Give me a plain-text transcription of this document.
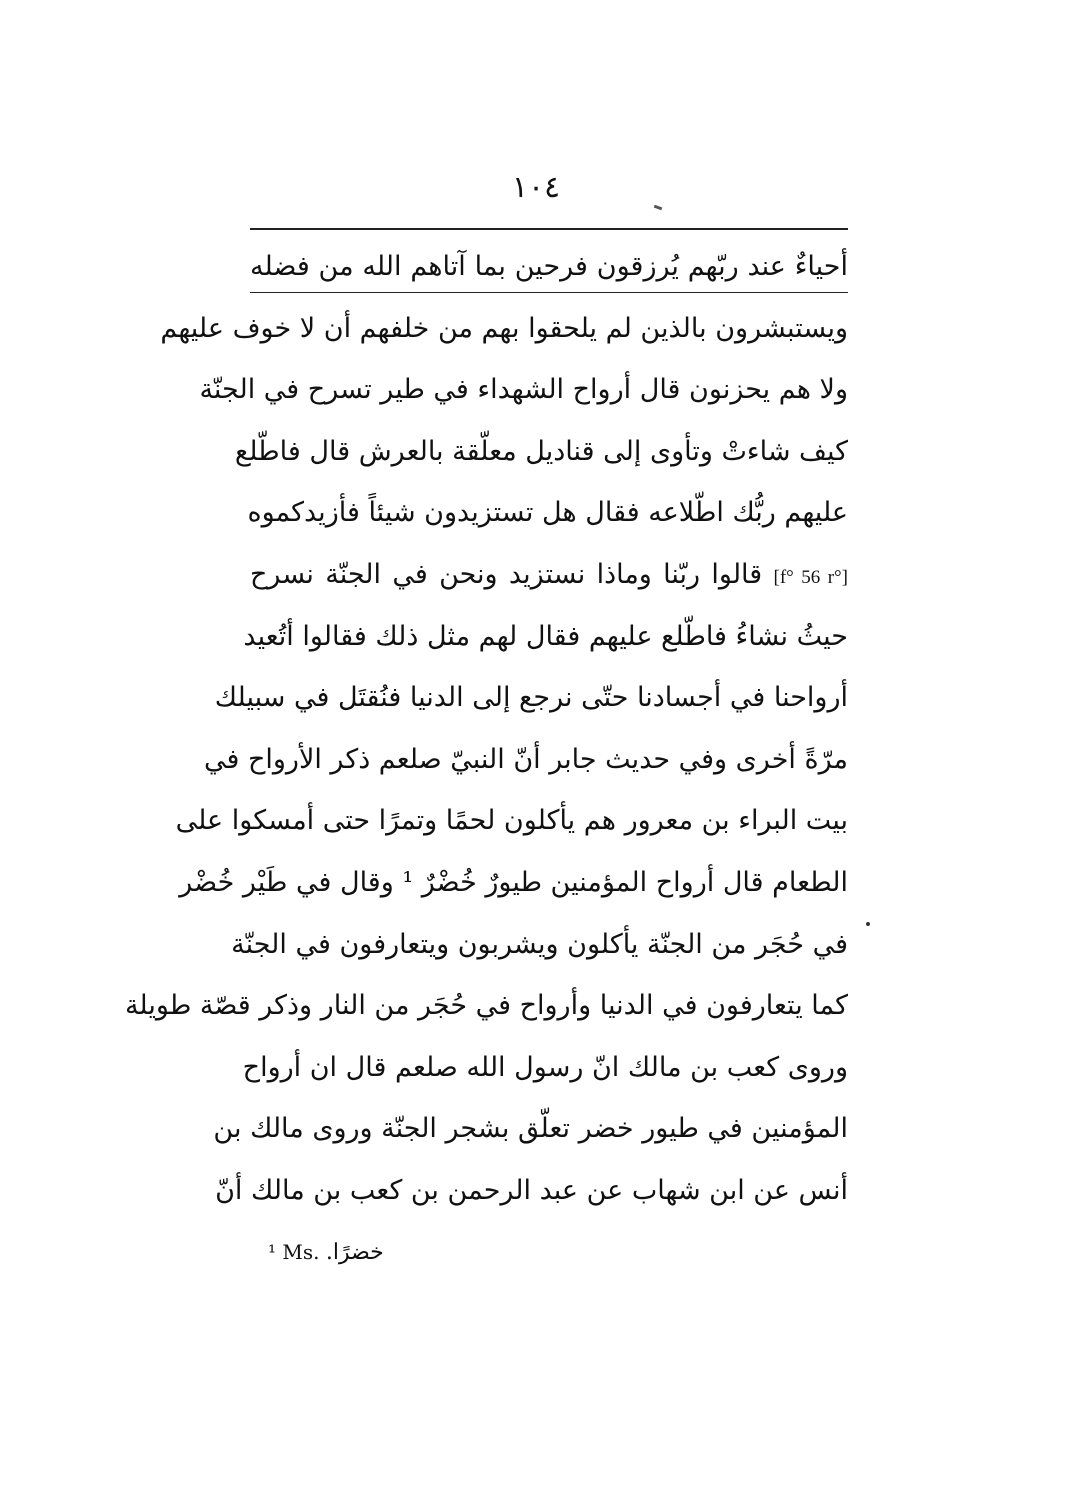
١٠٤
أحياءٌ عند ربّهم يُرزقون فرحين بما آتاهم الله من فضله
ويستبشرون بالذين لم يلحقوا بهم من خلفهم أن لا خوف عليهم
ولا هم يحزنون قال أرواح الشهداء في طير تسرح في الجنّة
كيف شاءتْ وتأوى إلى قناديل معلّقة بالعرش قال فاطّلع
عليهم ربُّك اطّلاعه فقال هل تستزيدون شيئاً فأزيدكموه
[f° 56 r°] قالوا ربّنا وماذا نستزيد ونحن في الجنّة نسرح
حيثُ نشاءُ فاطّلع عليهم فقال لهم مثل ذلك فقالوا أتُعيد
أرواحنا في أجسادنا حتّى نرجع إلى الدنيا فنُقتَل في سبيلك
مرّةً أخرى وفي حديث جابر أنّ النبيّ صلعم ذكر الأرواح في
بيت البراء بن معرور هم يأكلون لحمًا وتمرًا حتى أمسكوا على
الطعام قال أرواح المؤمنين طيورٌ خُضْرٌ ¹ وقال في طَيْر خُضْر
في حُجَر من الجنّة يأكلون ويشربون ويتعارفون في الجنّة
كما يتعارفون في الدنيا وأرواح في حُجَر من النار وذكر قصّة طويلة
وروى كعب بن مالك انّ رسول الله صلعم قال ان أرواح
المؤمنين في طيور خضر تعلّق بشجر الجنّة وروى مالك بن
أنس عن ابن شهاب عن عبد الرحمن بن كعب بن مالك أنّ
¹ Ms. خضرًا.
